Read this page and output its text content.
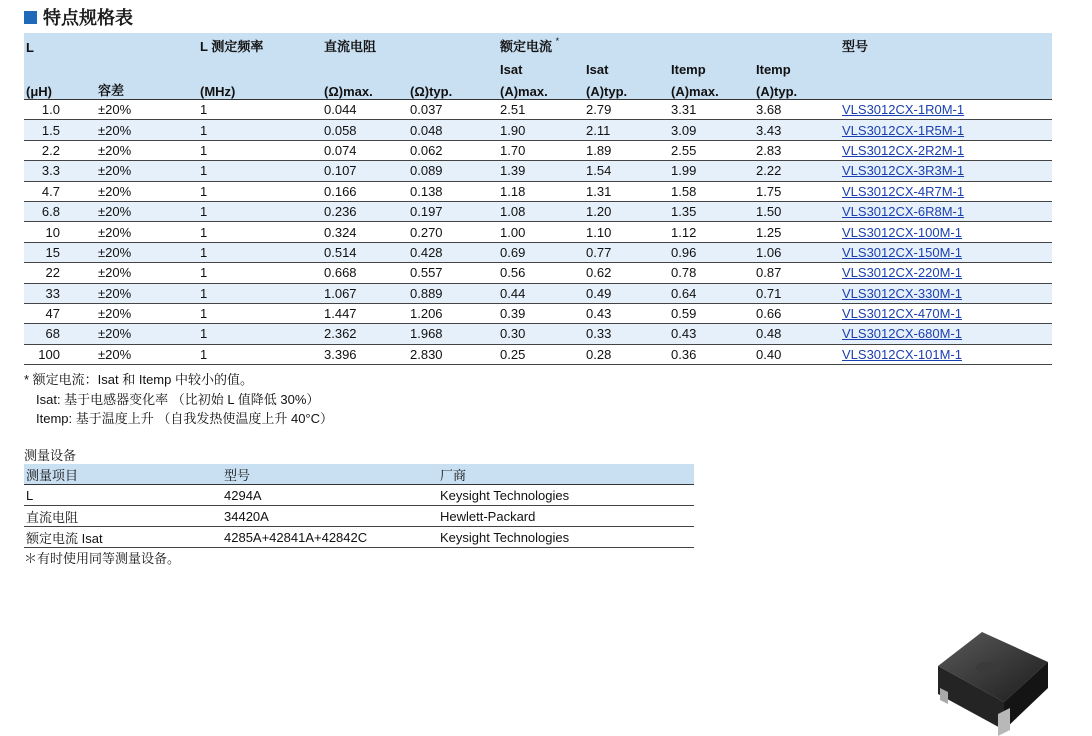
特点规格表
L		L 测定频率	直流电阻		额定电流 *				型号
					Isat	Isat	Itemp	Itemp	
(μH)	容差	(MHz)	(Ω)max.	(Ω)typ.	(A)max.	(A)typ.	(A)max.	(A)typ.	
1.0	±20%	1	0.044	0.037	2.51	2.79	3.31	3.68	VLS3012CX-1R0M-1
1.5	±20%	1	0.058	0.048	1.90	2.11	3.09	3.43	VLS3012CX-1R5M-1
2.2	±20%	1	0.074	0.062	1.70	1.89	2.55	2.83	VLS3012CX-2R2M-1
3.3	±20%	1	0.107	0.089	1.39	1.54	1.99	2.22	VLS3012CX-3R3M-1
4.7	±20%	1	0.166	0.138	1.18	1.31	1.58	1.75	VLS3012CX-4R7M-1
6.8	±20%	1	0.236	0.197	1.08	1.20	1.35	1.50	VLS3012CX-6R8M-1
10	±20%	1	0.324	0.270	1.00	1.10	1.12	1.25	VLS3012CX-100M-1
15	±20%	1	0.514	0.428	0.69	0.77	0.96	1.06	VLS3012CX-150M-1
22	±20%	1	0.668	0.557	0.56	0.62	0.78	0.87	VLS3012CX-220M-1
33	±20%	1	1.067	0.889	0.44	0.49	0.64	0.71	VLS3012CX-330M-1
47	±20%	1	1.447	1.206	0.39	0.43	0.59	0.66	VLS3012CX-470M-1
68	±20%	1	2.362	1.968	0.30	0.33	0.43	0.48	VLS3012CX-680M-1
100	±20%	1	3.396	2.830	0.25	0.28	0.36	0.40	VLS3012CX-101M-1
* 额定电流：Isat 和 Itemp 中较小的值。
Isat: 基于电感器变化率 （比初始 L 值降低 30%）
Itemp: 基于温度上升 （自我发热使温度上升 40°C）
测量设备
测量项目	型号	厂商
L	4294A	Keysight Technologies
直流电阻	34420A	Hewlett-Packard
额定电流 Isat	4285A+42841A+42842C	Keysight Technologies
＊有时使用同等测量设备。
